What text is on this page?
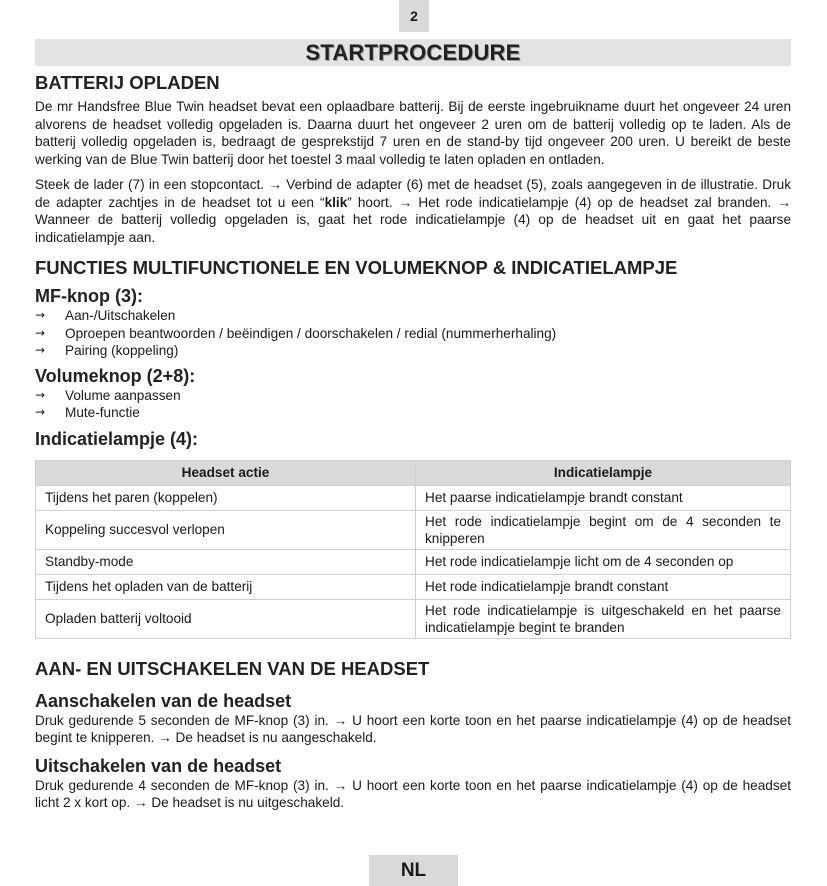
2
STARTPROCEDURE
BATTERIJ OPLADEN

De mr Handsfree Blue Twin headset bevat een oplaadbare batterij. Bij de eerste ingebruikname duurt het ongeveer 24 uren alvorens de headset volledig opgeladen is. Daarna duurt het ongeveer 2 uren om de batterij volledig op te laden. Als de batterij volledig opgeladen is, bedraagt de gesprekstijd 7 uren en de stand-by tijd ongeveer 200 uren. U bereikt de beste werking van de Blue Twin batterij door het toestel 3 maal volledig te laten opladen en ontladen.

Steek de lader (7) in een stopcontact. → Verbind de adapter (6) met de headset (5), zoals aangegeven in de illustratie. Druk de adapter zachtjes in de headset tot u een “klik” hoort. → Het rode indicatielampje (4) op de headset zal branden. → Wanneer de batterij volledig opgeladen is, gaat het rode indicatielampje (4) op de headset uit en gaat het paarse indicatielampje aan.

FUNCTIES MULTIFUNCTIONELE EN VOLUMEKNOP & INDICATIELAMPJE
MF-knop (3):
→	Aan-/Uitschakelen
→	Oproepen beantwoorden / beëindigen / doorschakelen / redial (nummerherhaling)
→	Pairing (koppeling)
Volumeknop (2+8):
→	Volume aanpassen
→	Mute-functie
Indicatielampje (4):
Headset actie	Indicatielampje
Tijdens het paren (koppelen)	Het paarse indicatielampje brandt constant
Koppeling succesvol verlopen	Het rode indicatielampje begint om de 4 seconden te knipperen
Standby-mode	Het rode indicatielampje licht om de 4 seconden op
Tijdens het opladen van de batterij	Het rode indicatielampje brandt constant
Opladen batterij voltooid	Het rode indicatielampje is uitgeschakeld en het paarse indicatielampje begint te branden
AAN- EN UITSCHAKELEN VAN DE HEADSET
Aanschakelen van de headset

Druk gedurende 5 seconden de MF-knop (3) in. → U hoort een korte toon en het paarse indicatielampje (4) op de headset begint te knipperen. → De headset is nu aangeschakeld.

Uitschakelen van de headset

Druk gedurende 4 seconden de MF-knop (3) in. → U hoort een korte toon en het paarse indicatielampje (4) op de headset licht 2 x kort op. → De headset is nu uitgeschakeld.

NL
